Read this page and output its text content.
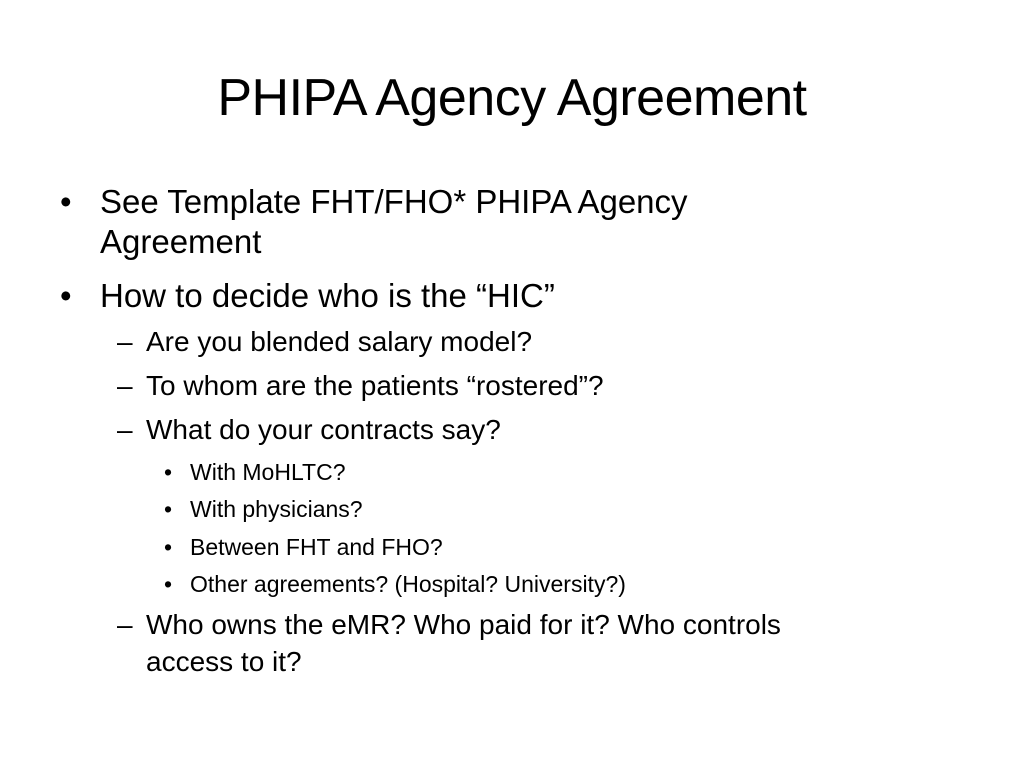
PHIPA Agency Agreement
• See Template FHT/FHO* PHIPA Agency
Agreement
• How to decide who is the “HIC”
– Are you blended salary model?
– To whom are the patients “rostered”?
– What do your contracts say?
• With MoHLTC?
• With physicians?
• Between FHT and FHO?
• Other agreements? (Hospital? University?)
– Who owns the eMR? Who paid for it? Who controls
access to it?
